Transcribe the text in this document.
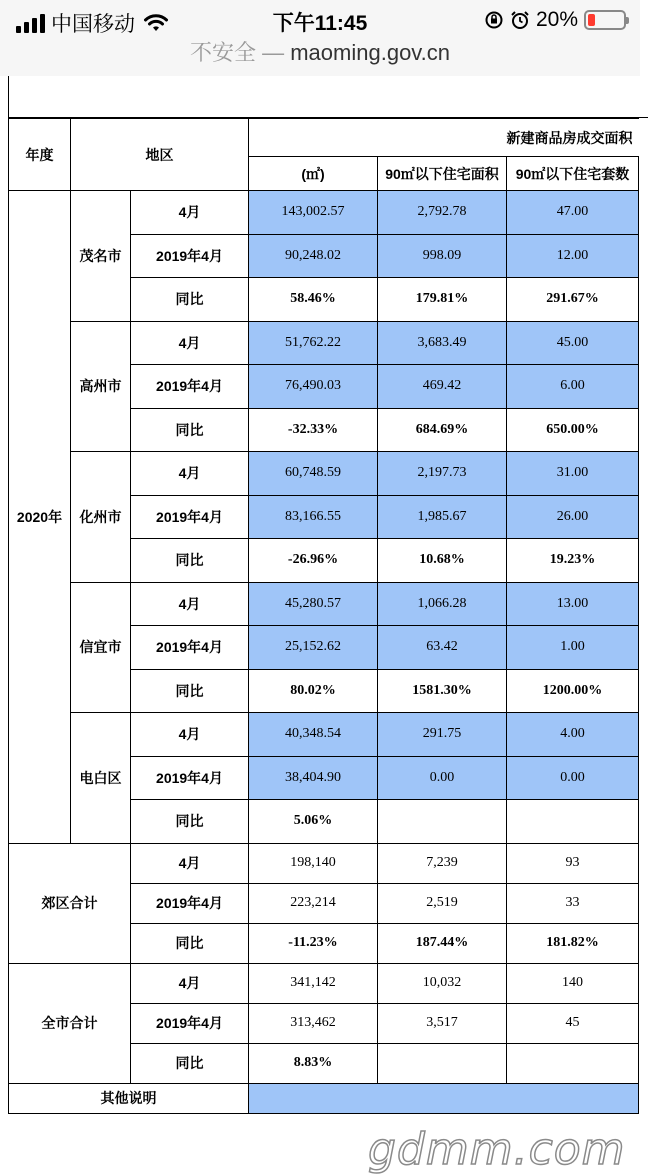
中国移动	下午11:45	20%
不安全 — maoming.gov.cn
年度	地区		新建商品房成交面积		
			(㎡)	90㎡以下住宅面积	90㎡以下住宅套数
2020年	茂名市	4月	143,002.57	2,792.78	47.00
		2019年4月	90,248.02	998.09	12.00
		同比	58.46%	179.81%	291.67%
	高州市	4月	51,762.22	3,683.49	45.00
		2019年4月	76,490.03	469.42	6.00
		同比	-32.33%	684.69%	650.00%
	化州市	4月	60,748.59	2,197.73	31.00
		2019年4月	83,166.55	1,985.67	26.00
		同比	-26.96%	10.68%	19.23%
	信宜市	4月	45,280.57	1,066.28	13.00
		2019年4月	25,152.62	63.42	1.00
		同比	80.02%	1581.30%	1200.00%
	电白区	4月	40,348.54	291.75	4.00
		2019年4月	38,404.90	0.00	0.00
		同比	5.06%		
郊区合计		4月	198,140	7,239	93
		2019年4月	223,214	2,519	33
		同比	-11.23%	187.44%	181.82%
全市合计		4月	341,142	10,032	140
		2019年4月	313,462	3,517	45
		同比	8.83%		
其他说明					
gdmm.com
